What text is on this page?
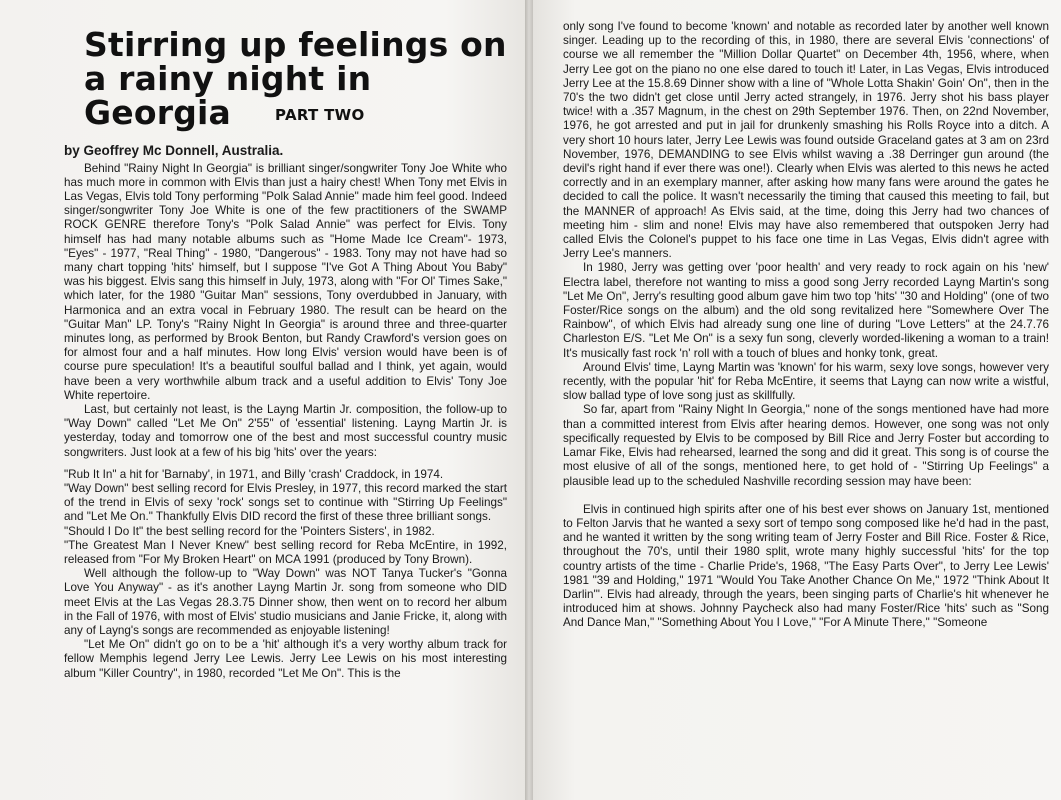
Stirring up feelings on a rainy night in Georgia	PART TWO
by Geoffrey Mc Donnell, Australia.

Behind "Rainy Night In Georgia" is brilliant singer/songwriter Tony Joe White who has much more in common with Elvis than just a hairy chest! When Tony met Elvis in Las Vegas, Elvis told Tony performing "Polk Salad Annie" made him feel good. Indeed singer/songwriter Tony Joe White is one of the few practitioners of the SWAMP ROCK GENRE therefore Tony's "Polk Salad Annie" was perfect for Elvis. Tony himself has had many notable albums such as "Home Made Ice Cream"- 1973, "Eyes" - 1977, "Real Thing" - 1980, "Dangerous" - 1983. Tony may not have had so many chart topping 'hits' himself, but I suppose "I've Got A Thing About You Baby" was his biggest. Elvis sang this himself in July, 1973, along with "For Ol' Times Sake," which later, for the 1980 "Guitar Man" sessions, Tony overdubbed in January, with Harmonica and an extra vocal in February 1980. The result can be heard on the "Guitar Man" LP. Tony's "Rainy Night In Georgia" is around three and three-quarter minutes long, as performed by Brook Benton, but Randy Crawford's version goes on for almost four and a half minutes. How long Elvis' version would have been is of course pure speculation! It's a beautiful soulful ballad and I think, yet again, would have been a very worthwhile album track and a useful addition to Elvis' Tony Joe White repertoire.

Last, but certainly not least, is the Layng Martin Jr. composition, the follow-up to "Way Down" called "Let Me On" 2'55" of 'essential' listening. Layng Martin Jr. is yesterday, today and tomorrow one of the best and most successful country music songwriters. Just look at a few of his big 'hits' over the years:

"Rub It In" a hit for 'Barnaby', in 1971, and Billy 'crash' Craddock, in 1974.

"Way Down" best selling record for Elvis Presley, in 1977, this record marked the start of the trend in Elvis of sexy 'rock' songs set to continue with "Stirring Up Feelings" and "Let Me On." Thankfully Elvis DID record the first of these three brilliant songs.

"Should I Do It" the best selling record for the 'Pointers Sisters', in 1982.

"The Greatest Man I Never Knew" best selling record for Reba McEntire, in 1992, released from "For My Broken Heart" on MCA 1991 (produced by Tony Brown).

Well although the follow-up to "Way Down" was NOT Tanya Tucker's "Gonna Love You Anyway" - as it's another Layng Martin Jr. song from someone who DID meet Elvis at the Las Vegas 28.3.75 Dinner show, then went on to record her album in the Fall of 1976, with most of Elvis' studio musicians and Janie Fricke, it, along with any of Layng's songs are recommended as enjoyable listening!

"Let Me On" didn't go on to be a 'hit' although it's a very worthy album track for fellow Memphis legend Jerry Lee Lewis. Jerry Lee Lewis on his most interesting album "Killer Country", in 1980, recorded "Let Me On". This is the

only song I've found to become 'known' and notable as recorded later by another well known singer. Leading up to the recording of this, in 1980, there are several Elvis 'connections' of course we all remember the "Million Dollar Quartet" on December 4th, 1956, where, when Jerry Lee got on the piano no one else dared to touch it! Later, in Las Vegas, Elvis introduced Jerry Lee at the 15.8.69 Dinner show with a line of "Whole Lotta Shakin' Goin' On", then in the 70's the two didn't get close until Jerry acted strangely, in 1976. Jerry shot his bass player twice! with a .357 Magnum, in the chest on 29th September 1976. Then, on 22nd November, 1976, he got arrested and put in jail for drunkenly smashing his Rolls Royce into a ditch. A very short 10 hours later, Jerry Lee Lewis was found outside Graceland gates at 3 am on 23rd November, 1976, DEMANDING to see Elvis whilst waving a .38 Derringer gun around (the devil's right hand if ever there was one!). Clearly when Elvis was alerted to this news he acted correctly and in an exemplary manner, after asking how many fans were around the gates he decided to call the police. It wasn't necessarily the timing that caused this meeting to fail, but the MANNER of approach! As Elvis said, at the time, doing this Jerry had two chances of meeting him - slim and none! Elvis may have also remembered that outspoken Jerry had called Elvis the Colonel's puppet to his face one time in Las Vegas, Elvis didn't agree with Jerry Lee's manners.

In 1980, Jerry was getting over 'poor health' and very ready to rock again on his 'new' Electra label, therefore not wanting to miss a good song Jerry recorded Layng Martin's song "Let Me On", Jerry's resulting good album gave him two top 'hits' "30 and Holding" (one of two Foster/Rice songs on the album) and the old song revitalized here "Somewhere Over The Rainbow", of which Elvis had already sung one line of during "Love Letters" at the 24.7.76 Charleston E/S. "Let Me On" is a sexy fun song, cleverly worded-likening a woman to a train! It's musically fast rock 'n' roll with a touch of blues and honky tonk, great.

Around Elvis' time, Layng Martin was 'known' for his warm, sexy love songs, however very recently, with the popular 'hit' for Reba McEntire, it seems that Layng can now write a wistful, slow ballad type of love song just as skillfully.

So far, apart from "Rainy Night In Georgia," none of the songs mentioned have had more than a committed interest from Elvis after hearing demos. However, one song was not only specifically requested by Elvis to be composed by Bill Rice and Jerry Foster but according to Lamar Fike, Elvis had rehearsed, learned the song and did it great. This song is of course the most elusive of all of the songs, mentioned here, to get hold of - "Stirring Up Feelings" a plausible lead up to the scheduled Nashville recording session may have been:

Elvis in continued high spirits after one of his best ever shows on January 1st, mentioned to Felton Jarvis that he wanted a sexy sort of tempo song composed like he'd had in the past, and he wanted it written by the song writing team of Jerry Foster and Bill Rice. Foster & Rice, throughout the 70's, until their 1980 split, wrote many highly successful 'hits' for the top country artists of the time - Charlie Pride's, 1968, "The Easy Parts Over", to Jerry Lee Lewis' 1981 "39 and Holding," 1971 "Would You Take Another Chance On Me," 1972 "Think About It Darlin'". Elvis had already, through the years, been singing parts of Charlie's hit whenever he introduced him at shows. Johnny Paycheck also had many Foster/Rice 'hits' such as "Song And Dance Man," "Something About You I Love," "For A Minute There," "Someone
